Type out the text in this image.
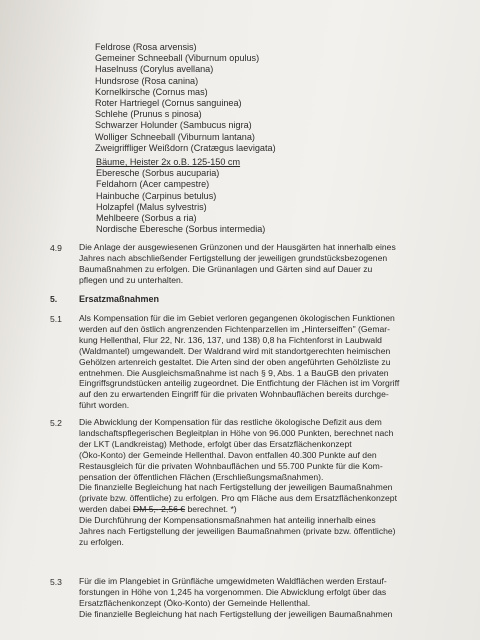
Feldrose (Rosa arvensis)
Gemeiner Schneeball (Viburnum opulus)
Haselnuss (Corylus avellana)
Hundsrose (Rosa canina)
Kornelkirsche (Cornus mas)
Roter Hartriegel (Cornus sanguinea)
Schlehe (Prunus s pinosa)
Schwarzer Holunder (Sambucus nigra)
Wolliger Schneeball (Viburnum lantana)
Zweigriffliger Weißdorn (Cratægus laevigata)
Bäume, Heister 2x o.B. 125-150 cm
Eberesche (Sorbus aucuparia)
Feldahorn (Acer campestre)
Hainbuche (Carpinus betulus)
Holzapfel (Malus sylvestris)
Mehlbeere (Sorbus a ria)
Nordische Eberesche (Sorbus intermedia)
4.9 Die Anlage der ausgewiesenen Grünzonen und der Hausgärten hat innerhalb eines
Jahres nach abschließender Fertigstellung der jeweiligen grundstücksbezogenen
Baumaßnahmen zu erfolgen. Die Grünanlagen und Gärten sind auf Dauer zu
pflegen und zu unterhalten.
5. Ersatzmaßnahmen
5.1 Als Kompensation für die im Gebiet verloren gegangenen ökologischen Funktionen
werden auf den östlich angrenzenden Fichtenparzellen im „Hinterseiffen" (Gemar-
kung Hellenthal, Flur 22, Nr. 136, 137, und 138) 0,8 ha Fichtenforst in Laubwald
(Waldmantel) umgewandelt. Der Waldrand wird mit standortgerechten heimischen
Gehölzen artenreich gestaltet. Die Arten sind der oben angeführten Gehölzliste zu
entnehmen. Die Ausgleichsmaßnahme ist nach § 9, Abs. 1 a BauGB den privaten
Eingriffsgrundstücken anteilig zugeordnet. Die Entfichtung der Flächen ist im Vorgriff
auf den zu erwartenden Eingriff für die privaten Wohnbauflächen bereits durchge-
führt worden.
5.2 Die Abwicklung der Kompensation für das restliche ökologische Defizit aus dem
landschaftspflegerischen Begleitplan in Höhe von 96.000 Punkten, berechnet nach
der LKT (Landkreistag) Methode, erfolgt über das Ersatzflächenkonzept
(Öko-Konto) der Gemeinde Hellenthal. Davon entfallen 40.300 Punkte auf den
Restausgleich für die privaten Wohnbauflächen und 55.700 Punkte für die Kom-
pensation der öffentlichen Flächen (Erschließungsmaßnahmen).
Die finanzielle Begleichung hat nach Fertigstellung der jeweiligen Baumaßnahmen
(private bzw. öffentliche) zu erfolgen. Pro qm Fläche aus dem Ersatzflächenkonzept
werden dabei DM 5,- 2,56 € berechnet. *)
Die Durchführung der Kompensationsmaßnahmen hat anteilig innerhalb eines
Jahres nach Fertigstellung der jeweiligen Baumaßnahmen (private bzw. öffentliche)
zu erfolgen.
5.3 Für die im Plangebiet in Grünfläche umgewidmeten Waldflächen werden Erstauf-
forstungen in Höhe von 1,245 ha vorgenommen. Die Abwicklung erfolgt über das
Ersatzflächenkonzept (Öko-Konto) der Gemeinde Hellenthal.
Die finanzielle Begleichung hat nach Fertigstellung der jeweiligen Baumaßnahmen
